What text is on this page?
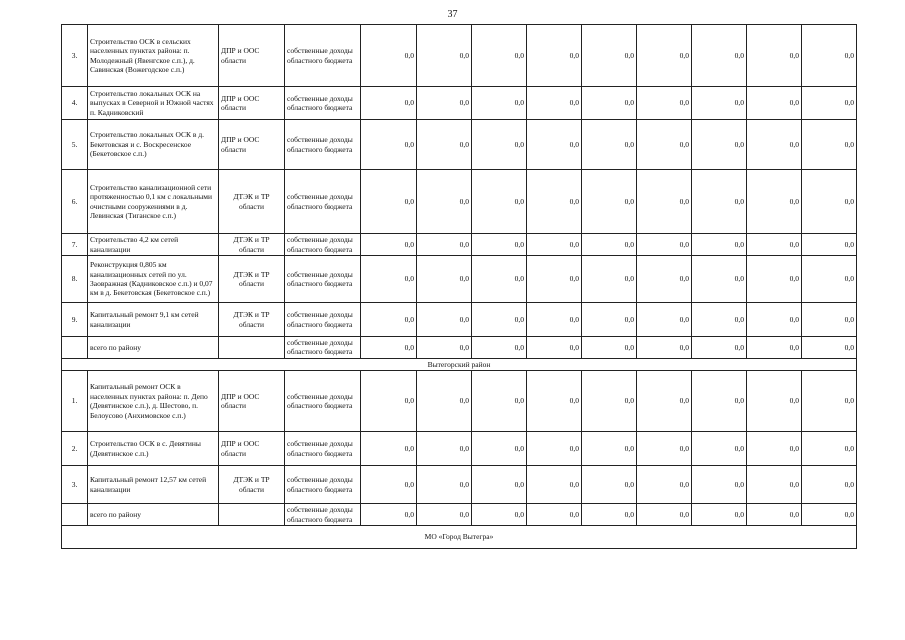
37
3.	Строительство ОСК в сельских населенных пунктах района: п. Молодежный (Явенгское с.п.), д. Савинская (Вожегодское с.п.)	ДПР и ООС области	собственные доходы областного бюджета	0,0	0,0	0,0	0,0	0,0	0,0	0,0	0,0	0,0
4.	Строительство локальных ОСК на выпусках в Северной и Южной частях п. Кадниковский	ДПР и ООС области	собственные доходы областного бюджета	0,0	0,0	0,0	0,0	0,0	0,0	0,0	0,0	0,0
5.	Строительство локальных ОСК в д. Бекетовская и с. Воскресенское (Бекетовское с.п.)	ДПР и ООС области	собственные доходы областного бюджета	0,0	0,0	0,0	0,0	0,0	0,0	0,0	0,0	0,0
6.	Строительство канализационной сети протяженностью 0,1 км с локальными очистными сооружениями в д. Левинская (Тиганское с.п.)	ДТЭК и ТР области	собственные доходы областного бюджета	0,0	0,0	0,0	0,0	0,0	0,0	0,0	0,0	0,0
7.	Строительство 4,2 км сетей канализации	ДТЭК и ТР области	собственные доходы областного бюджета	0,0	0,0	0,0	0,0	0,0	0,0	0,0	0,0	0,0
8.	Реконструкция 0,805 км канализационных сетей по ул. Заовражная (Кадниковское с.п.) и 0,07 км в д. Бекетовская (Бекетовское с.п.)	ДТЭК и ТР области	собственные доходы областного бюджета	0,0	0,0	0,0	0,0	0,0	0,0	0,0	0,0	0,0
9.	Капитальный ремонт 9,1 км сетей канализации	ДТЭК и ТР области	собственные доходы областного бюджета	0,0	0,0	0,0	0,0	0,0	0,0	0,0	0,0	0,0
	всего по району		собственные доходы областного бюджета	0,0	0,0	0,0	0,0	0,0	0,0	0,0	0,0	0,0
Вытегорский район												
1.	Капитальный ремонт ОСК в населенных пунктах района: п. Депо (Девятинское с.п.), д. Шестово, п. Белоусово (Анхимовское с.п.)	ДПР и ООС области	собственные доходы областного бюджета	0,0	0,0	0,0	0,0	0,0	0,0	0,0	0,0	0,0
2.	Строительство ОСК в с. Девятины (Девятинское с.п.)	ДПР и ООС области	собственные доходы областного бюджета	0,0	0,0	0,0	0,0	0,0	0,0	0,0	0,0	0,0
3.	Капитальный ремонт 12,57 км сетей канализации	ДТЭК и ТР области	собственные доходы областного бюджета	0,0	0,0	0,0	0,0	0,0	0,0	0,0	0,0	0,0
	всего по району		собственные доходы областного бюджета	0,0	0,0	0,0	0,0	0,0	0,0	0,0	0,0	0,0
МО «Город Вытегра»												
